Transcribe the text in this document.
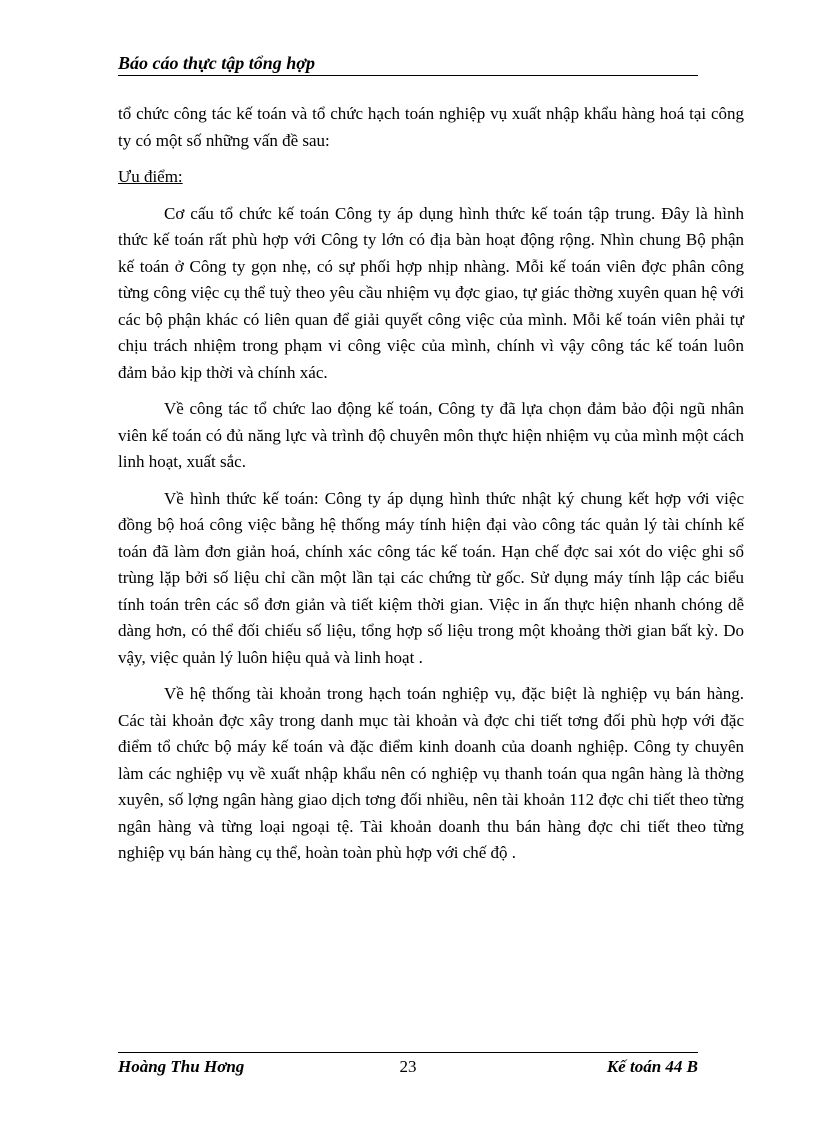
Báo cáo thực tập tổng hợp

tổ chức công tác kế toán và tổ chức hạch toán nghiệp vụ xuất nhập khẩu hàng hoá tại công ty có một số những vấn đề sau:

Ưu điểm:

Cơ cấu tổ chức kế toán Công ty áp dụng hình thức kế toán tập trung. Đây là hình thức kế toán rất phù hợp với Công ty lớn có địa bàn hoạt động rộng. Nhìn chung Bộ phận kế toán ở Công ty gọn nhẹ, có sự phối hợp nhịp nhàng. Mỗi kế toán viên đợc phân công từng công việc cụ thể tuỳ theo yêu cầu nhiệm vụ đợc giao, tự giác thờng xuyên quan hệ với các bộ phận khác có liên quan để giải quyết công việc của mình. Mỗi kế toán viên phải tự chịu trách nhiệm trong phạm vi công việc của mình, chính vì vậy công tác kế toán luôn đảm bảo kịp thời và chính xác.

Về công tác tổ chức lao động kế toán, Công ty đã lựa chọn đảm bảo đội ngũ nhân viên kế toán có đủ năng lực và trình độ chuyên môn thực hiện nhiệm vụ của mình một cách linh hoạt, xuất sắc.

Về hình thức kế toán: Công ty áp dụng hình thức nhật ký chung kết hợp với việc đồng bộ hoá công việc bằng hệ thống máy tính hiện đại vào công tác quản lý tài chính kế toán đã làm đơn giản hoá, chính xác công tác kế toán. Hạn chế đợc sai xót do việc ghi sổ trùng lặp bởi số liệu chỉ cần một lần tại các chứng từ gốc. Sử dụng máy tính lập các biểu tính toán trên các sổ đơn giản và tiết kiệm thời gian. Việc in ấn thực hiện nhanh chóng dễ dàng hơn, có thể đối chiếu số liệu, tổng hợp số liệu trong một khoảng thời gian bất kỳ. Do vậy, việc quản lý luôn hiệu quả và linh hoạt .

Về hệ thống tài khoản trong hạch toán nghiệp vụ, đặc biệt là nghiệp vụ bán hàng. Các tài khoản đợc xây trong danh mục tài khoản và đợc chi tiết tơng đối phù hợp với đặc điểm tổ chức bộ máy kế toán và đặc điểm kinh doanh của doanh nghiệp. Công ty chuyên làm các nghiệp vụ về xuất nhập khẩu nên có nghiệp vụ thanh toán qua ngân hàng là thờng xuyên, số lợng ngân hàng giao dịch tơng đối nhiều, nên tài khoản 112 đợc chi tiết theo từng ngân hàng và từng loại ngoại tệ. Tài khoản doanh thu bán hàng đợc chi tiết theo từng nghiệp vụ bán hàng cụ thể, hoàn toàn phù hợp với chế độ .

Hoàng Thu Hơng	23	Kế toán 44 B
